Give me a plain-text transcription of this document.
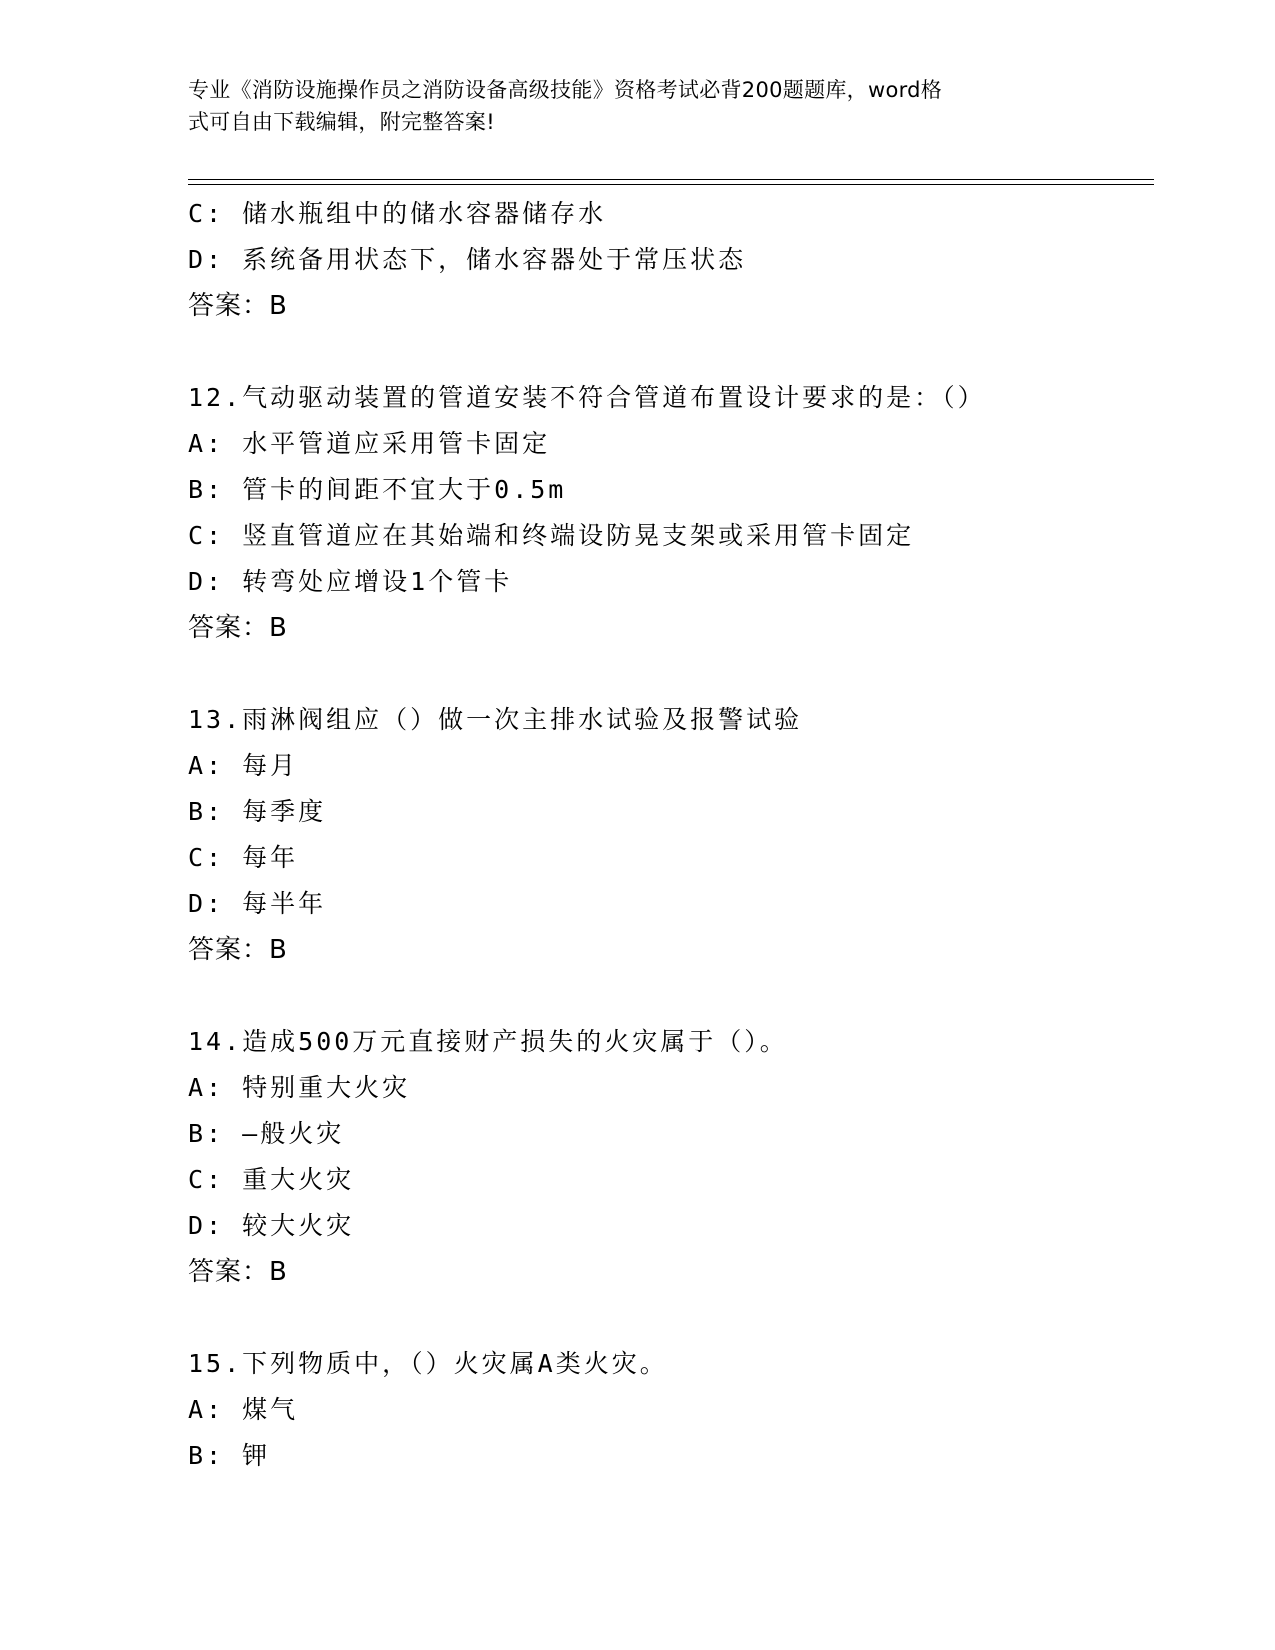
专业《消防设施操作员之消防设备高级技能》资格考试必背200题题库，word格
式可自由下载编辑，附完整答案!
C: 储水瓶组中的储水容器储存水
D: 系统备用状态下，储水容器处于常压状态
答案：B
12.气动驱动装置的管道安装不符合管道布置设计要求的是：（）
A: 水平管道应采用管卡固定
B: 管卡的间距不宜大于0.5m
C: 竖直管道应在其始端和终端设防晃支架或采用管卡固定
D: 转弯处应增设1个管卡
答案：B
13.雨淋阀组应（）做一次主排水试验及报警试验
A: 每月
B: 每季度
C: 每年
D: 每半年
答案：B
14.造成500万元直接财产损失的火灾属于（）。
A: 特别重大火灾
B: —般火灾
C: 重大火灾
D: 较大火灾
答案：B
15.下列物质中，（）火灾属A类火灾。
A: 煤气
B: 钾
